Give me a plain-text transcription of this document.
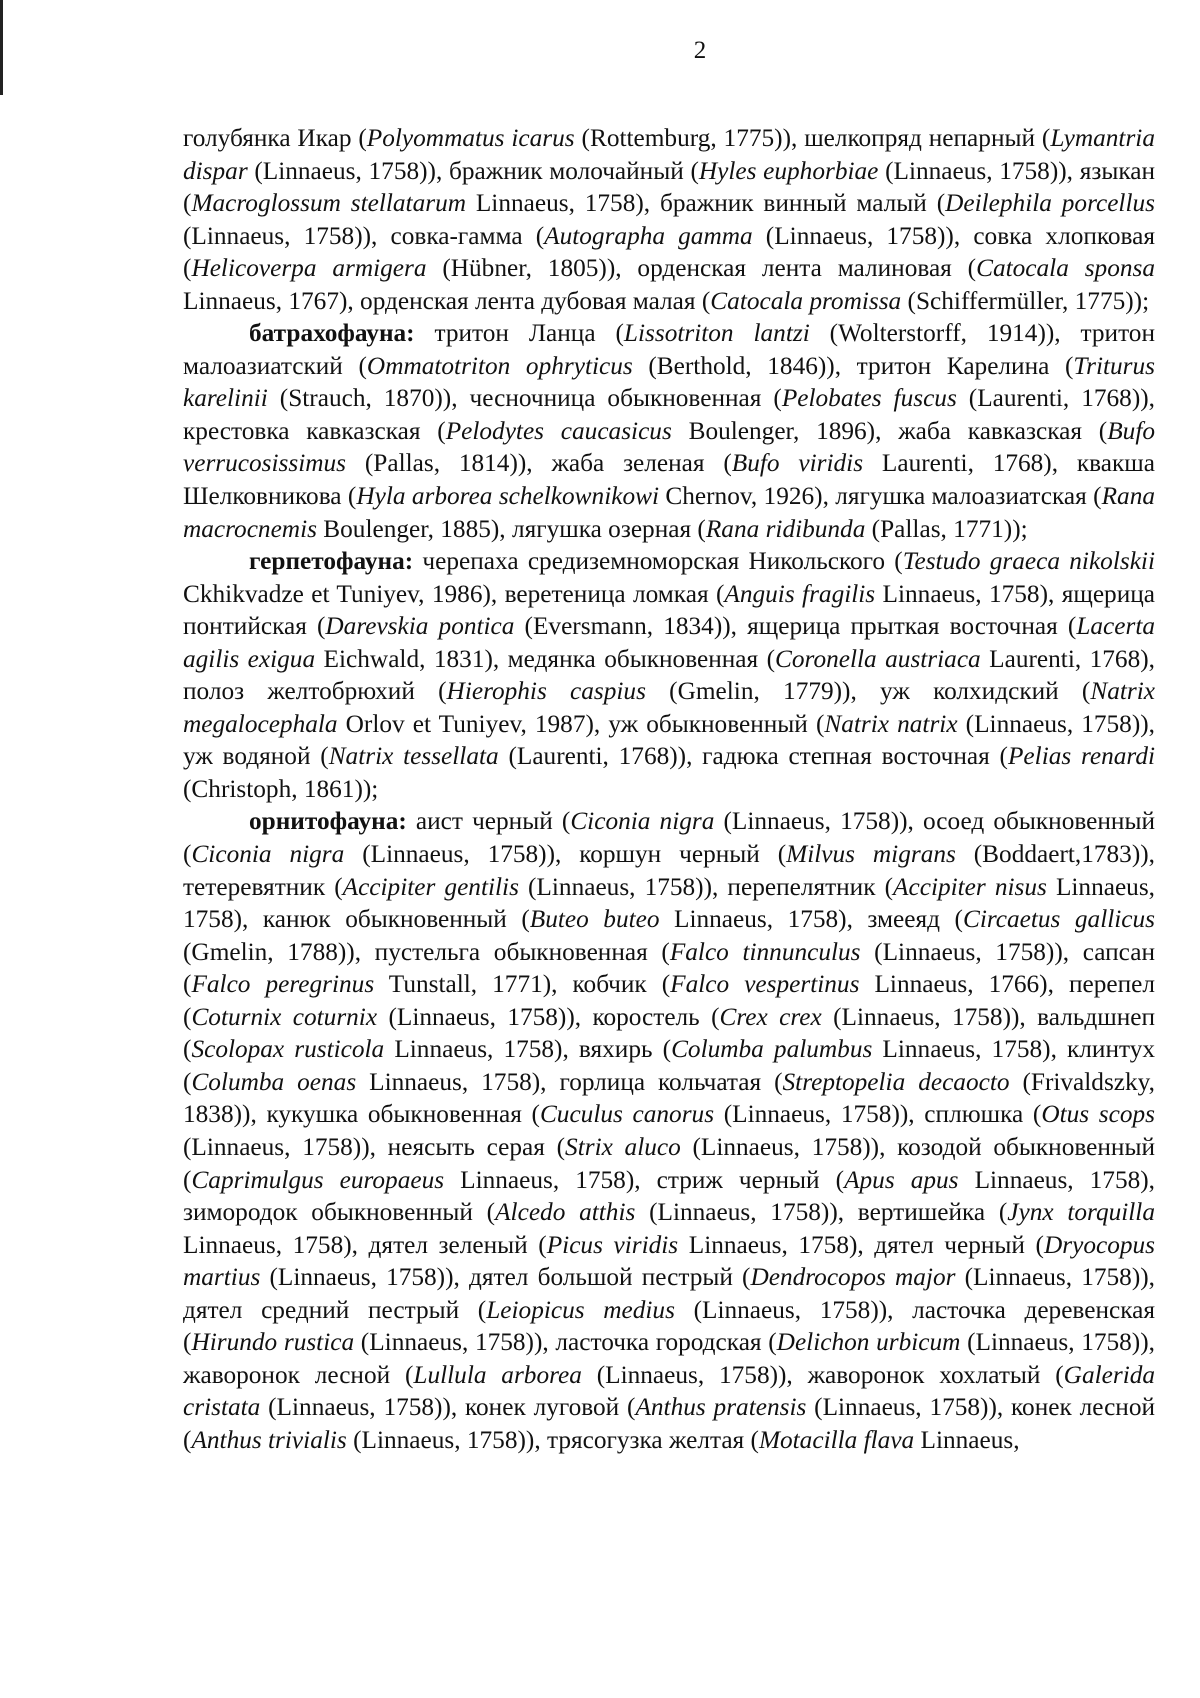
2

голубянка Икар (Polyommatus icarus (Rottemburg, 1775)), шелкопряд непарный (Lymantria dispar (Linnaeus, 1758)), бражник молочайный (Hyles euphorbiae (Linnaeus, 1758)), языкан (Macroglossum stellatarum Linnaeus, 1758), бражник винный малый (Deilephila porcellus (Linnaeus, 1758)), совка-гамма (Autographa gamma (Linnaeus, 1758)), совка хлопковая (Helicoverpa armigera (Hübner, 1805)), орденская лента малиновая (Catocala sponsa Linnaeus, 1767), орденская лента дубовая малая (Catocala promissa (Schiffermüller, 1775));

батрахофауна: тритон Ланца (Lissotriton lantzi (Wolterstorff, 1914)), тритон малоазиатский (Ommatotriton ophryticus (Berthold, 1846)), тритон Карелина (Triturus karelinii (Strauch, 1870)), чесночница обыкновенная (Pelobates fuscus (Laurenti, 1768)), крестовка кавказская (Pelodytes caucasicus Boulenger, 1896), жаба кавказская (Bufo verrucosissimus (Pallas, 1814)), жаба зеленая (Bufo viridis Laurenti, 1768), квакша Шелковникова (Hyla arborea schelkownikowi Chernov, 1926), лягушка малоазиатская (Rana macrocnemis Boulenger, 1885), лягушка озерная (Rana ridibunda (Pallas, 1771));

герпетофауна: черепаха средиземноморская Никольского (Testudo graeca nikolskii Ckhikvadze et Tuniyev, 1986), веретеница ломкая (Anguis fragilis Linnaeus, 1758), ящерица понтийская (Darevskia pontica (Eversmann, 1834)), ящерица прыткая восточная (Lacerta agilis exigua Eichwald, 1831), медянка обыкновенная (Coronella austriaca Laurenti, 1768), полоз желтобрюхий (Hierophis caspius (Gmelin, 1779)), уж колхидский (Natrix megalocephala Orlov et Tuniyev, 1987), уж обыкновенный (Natrix natrix (Linnaeus, 1758)), уж водяной (Natrix tessellata (Laurenti, 1768)), гадюка степная восточная (Pelias renardi (Christoph, 1861));

орнитофауна: аист черный (Ciconia nigra (Linnaeus, 1758)), осоед обыкновенный (Ciconia nigra (Linnaeus, 1758)), коршун черный (Milvus migrans (Boddaert,1783)), тетеревятник (Accipiter gentilis (Linnaeus, 1758)), перепелятник (Accipiter nisus Linnaeus, 1758), канюк обыкновенный (Buteo buteo Linnaeus, 1758), змееяд (Circaetus gallicus (Gmelin, 1788)), пустельга обыкновенная (Falco tinnunculus (Linnaeus, 1758)), сапсан (Falco peregrinus Tunstall, 1771), кобчик (Falco vespertinus Linnaeus, 1766), перепел (Coturnix coturnix (Linnaeus, 1758)), коростель (Crex crex (Linnaeus, 1758)), вальдшнеп (Scolopax rusticola Linnaeus, 1758), вяхирь (Columba palumbus Linnaeus, 1758), клинтух (Columba oenas Linnaeus, 1758), горлица кольчатая (Streptopelia decaocto (Frivaldszky, 1838)), кукушка обыкновенная (Cuculus canorus (Linnaeus, 1758)), сплюшка (Otus scops (Linnaeus, 1758)), неясыть серая (Strix aluco (Linnaeus, 1758)), козодой обыкновенный (Caprimulgus europaeus Linnaeus, 1758), стриж черный (Apus apus Linnaeus, 1758), зимородок обыкновенный (Alcedo atthis (Linnaeus, 1758)), вертишейка (Jynx torquilla Linnaeus, 1758), дятел зеленый (Picus viridis Linnaeus, 1758), дятел черный (Dryocopus martius (Linnaeus, 1758)), дятел большой пестрый (Dendrocopos major (Linnaeus, 1758)), дятел средний пестрый (Leiopicus medius (Linnaeus, 1758)), ласточка деревенская (Hirundo rustica (Linnaeus, 1758)), ласточка городская (Delichon urbicum (Linnaeus, 1758)), жаворонок лесной (Lullula arborea (Linnaeus, 1758)), жаворонок хохлатый (Galerida cristata (Linnaeus, 1758)), конек луговой (Anthus pratensis (Linnaeus, 1758)), конек лесной (Anthus trivialis (Linnaeus, 1758)), трясогузка желтая (Motacilla flava Linnaeus,
